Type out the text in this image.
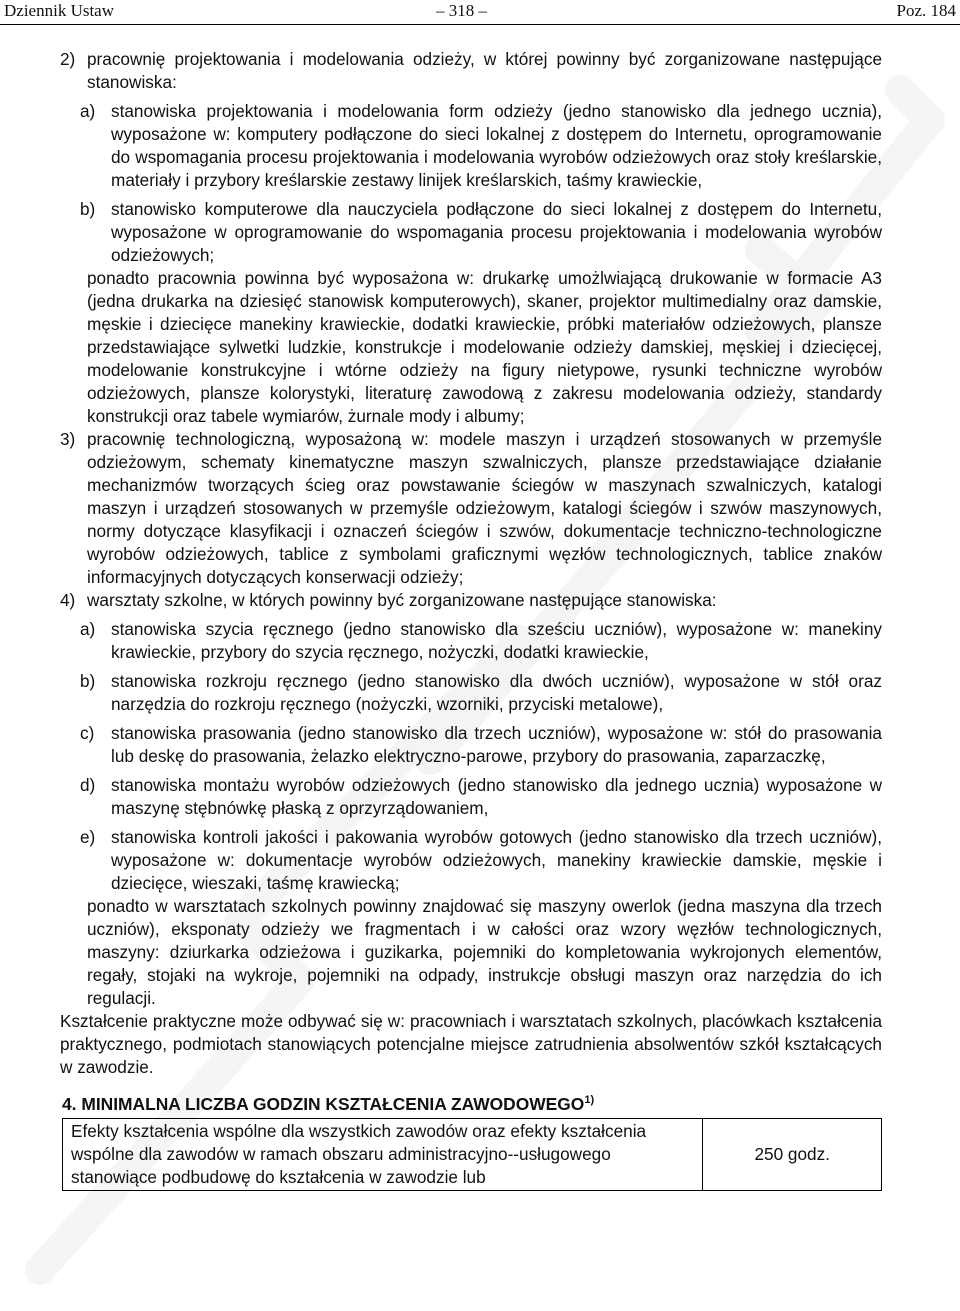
Dziennik Ustaw	– 318 –	Poz. 184
2) pracownię projektowania i modelowania odzieży, w której powinny być zorganizowane następujące stanowiska:
a) stanowiska projektowania i modelowania form odzieży (jedno stanowisko dla jednego ucznia), wyposażone w: komputery podłączone do sieci lokalnej z dostępem do Internetu, oprogramowanie do wspomagania procesu projektowania i modelowania wyrobów odzieżowych oraz stoły kreślarskie, materiały i przybory kreślarskie zestawy linijek kreślarskich, taśmy krawieckie,
b) stanowisko komputerowe dla nauczyciela podłączone do sieci lokalnej z dostępem do Internetu, wyposażone w oprogramowanie do wspomagania procesu projektowania i modelowania wyrobów odzieżowych;

ponadto pracownia powinna być wyposażona w: drukarkę umożlwiającą drukowanie w formacie A3 (jedna drukarka na dziesięć stanowisk komputerowych), skaner, projektor multimedialny oraz damskie, męskie i dziecięce manekiny krawieckie, dodatki krawieckie, próbki materiałów odzieżowych, plansze przedstawiające sylwetki ludzkie, konstrukcje i modelowanie odzieży damskiej, męskiej i dziecięcej, modelowanie konstrukcyjne i wtórne odzieży na figury nietypowe, rysunki techniczne wyrobów odzieżowych, plansze kolorystyki, literaturę zawodową z zakresu modelowania odzieży, standardy konstrukcji oraz tabele wymiarów, żurnale mody i albumy;

3) pracownię technologiczną, wyposażoną w: modele maszyn i urządzeń stosowanych w przemyśle odzieżowym, schematy kinematyczne maszyn szwalniczych, plansze przedstawiające działanie mechanizmów tworzących ścieg oraz powstawanie ściegów w maszynach szwalniczych, katalogi maszyn i urządzeń stosowanych w przemyśle odzieżowym, katalogi ściegów i szwów maszynowych, normy dotyczące klasyfikacji i oznaczeń ściegów i szwów, dokumentacje techniczno-technologiczne wyrobów odzieżowych, tablice z symbolami graficznymi węzłów technologicznych, tablice znaków informacyjnych dotyczących konserwacji odzieży;
4) warsztaty szkolne, w których powinny być zorganizowane następujące stanowiska:
a) stanowiska szycia ręcznego (jedno stanowisko dla sześciu uczniów), wyposażone w: manekiny krawieckie, przybory do szycia ręcznego, nożyczki, dodatki krawieckie,
b) stanowiska rozkroju ręcznego (jedno stanowisko dla dwóch uczniów), wyposażone w stół oraz narzędzia do rozkroju ręcznego (nożyczki, wzorniki, przyciski metalowe),
c) stanowiska prasowania (jedno stanowisko dla trzech uczniów), wyposażone w: stół do prasowania lub deskę do prasowania, żelazko elektryczno-parowe, przybory do prasowania, zaparzaczkę,
d) stanowiska montażu wyrobów odzieżowych (jedno stanowisko dla jednego ucznia) wyposażone w maszynę stębnówkę płaską z oprzyrządowaniem,
e) stanowiska kontroli jakości i pakowania wyrobów gotowych (jedno stanowisko dla trzech uczniów), wyposażone w: dokumentacje wyrobów odzieżowych, manekiny krawieckie damskie, męskie i dziecięce, wieszaki, taśmę krawiecką;

ponadto w warsztatach szkolnych powinny znajdować się maszyny owerlok (jedna maszyna dla trzech uczniów), eksponaty odzieży we fragmentach i w całości oraz wzory węzłów technologicznych, maszyny: dziurkarka odzieżowa i guzikarka, pojemniki do kompletowania wykrojonych elementów, regały, stojaki na wykroje, pojemniki na odpady, instrukcje obsługi maszyn oraz narzędzia do ich regulacji.

Kształcenie praktyczne może odbywać się w: pracowniach i warsztatach szkolnych, placówkach kształcenia praktycznego, podmiotach stanowiących potencjalne miejsce zatrudnienia absolwentów szkół kształcących w zawodzie.

4. MINIMALNA LICZBA GODZIN KSZTAŁCENIA ZAWODOWEGO$^{1)}$
Efekty kształcenia wspólne dla wszystkich zawodów oraz efekty kształcenia wspólne dla zawodów w ramach obszaru administracyjno--usługowego stanowiące podbudowę do kształcenia w zawodzie lub	250 godz.
